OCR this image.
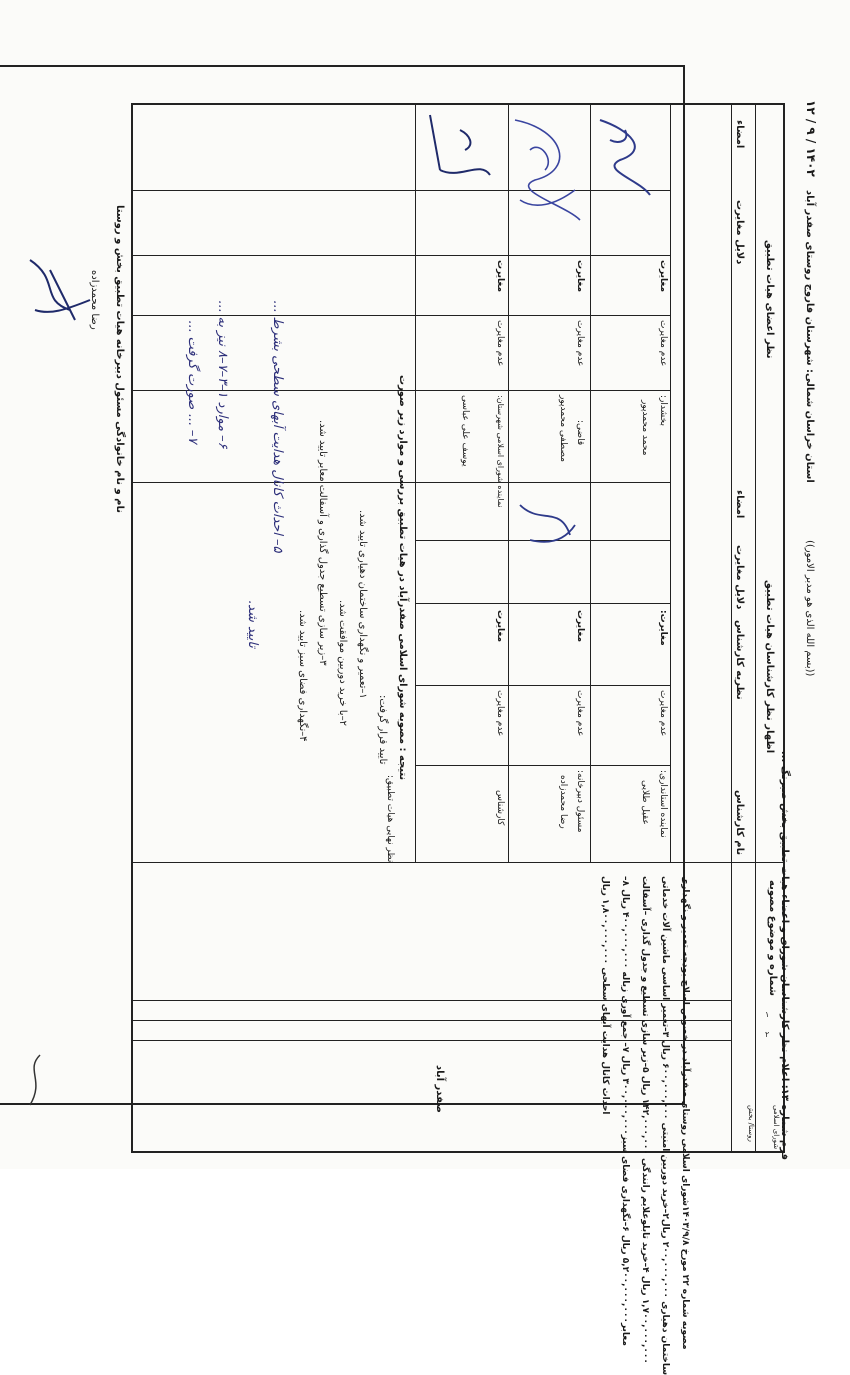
فرم شماره ۱۳: اعلام نظر کارشناسان شورای و اعضاء هیات تطبیق بخش صیرنگ ...
((بسم الله الذی هو مدبر الامور))
استان خراسان شمالی: شهرستان فاروج روستای صفدر آباد
۱۴۰۲ / ۹ / ۱۲
شماره و موضوع مصوبه
اظهار نظر کارشناسان هیات تطبیق
نظر اعضای هیات تطبیق
نام کارشناس
نظریه کارشناس
دلایل مغایرت
امضاء
دلایل مغایرت
امضاء
مصوبه شماره ۲۲ مورخ ۱۴۰۳/۹/۸شورای اسلامی روستای صفدرآباد در خصوص اصلاح بودجه تعمیر و نگهداری
ساختمان دهیاری ۲۰۰,۰۰۰,۰۰۰ ریال۲–خرید دوربین امنیتی ۶۰۰,۰۰۰,۰۰۰ ریال ۳–تعمیر اساسی ماشین آلات خدماتی
۱,۷۰۰,۰۰۰,۰۰۰ ریال ۴–خرید تابلوعلایم رانندگی ۱۴۲,۰۰۰,۰۰۰ ریال ۵–زیر سازی تسطیع و جدول گذاری –آسفالت
معابر۵,۲۰۰,۰۰۰,۰۰۰ ریال ۶–نگهداری فضای سبز۳۰۰,۰۰۰,۰۰۰ ریال ۷– جمع آوری زباله ۴۰۰,۰۰۰,۰۰۰ ریال ۸–
احداث کانال هدایت آبهای سطحی ۱,۸۰۰,۰۰۰,۰۰۰ ریال
نماینده استانداری:
عقیل طلایی
عدم مغایرت
مغایرت:
مسئول دبیرخانه:
رضا محمدزاده
عدم مغایرت
مغایرت
کارشناس
عدم مغایرت
مغایرت
نظر نهایی هیات تطبیق:
بخشدار:
محمد محمدپور
عدم مغایرت
مغایرت
قاضی:
مصطفی محمدپور
عدم مغایرت
مغایرت
نماینده شورای اسلامی شهرستان:
یوسف علی عباسی
عدم مغایرت
مغایرت
نتیجه : مصوبه شورای اسلامی صفدرآباد در هیات تطبیق بررسی و موارد زیر صورت
تایید قرار گرفت:
۱–تعمیر و نگهداری ساختمان دهیاری تایید شد.
۲–با خرید دوربین موافقت شد.
۳–زیر سازی تسطیع جدول گذاری و آسفالت معابر تایید شد.
۴–نگهداری فضای سبز تایید شد.
۵– احداث کانال هدایت آبهای سطحی بشرط ...
تایید شد.
۶– موارد ۱–۳–۷–۸ نیز به ...
۷– ... صورت گرفت ...
نام و نام خانوادگی مسئول دبیرخانه هیات تطبیق بخش و روستا
رضا محمدزاده
صفدر آباد
روستا/ بخش شورای اسلامی
۱
۲
